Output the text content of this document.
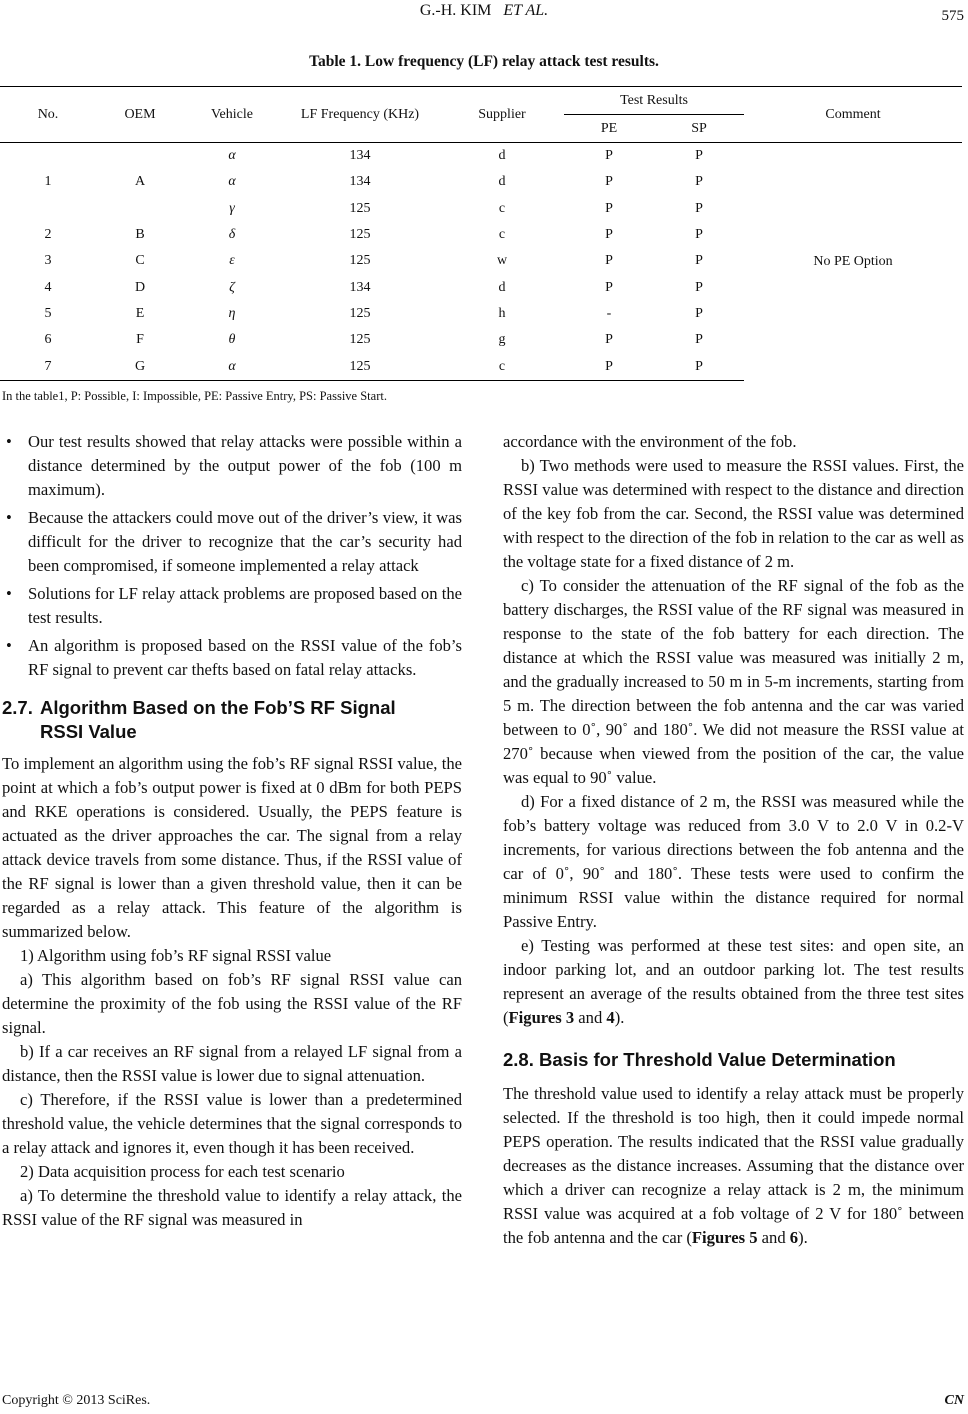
G.-H. KIM ET AL.	575
Table 1. Low frequency (LF) relay attack test results.
No.	OEM	Vehicle	LF Frequency (KHz)	Supplier	Test Results		Comment
					PE	SP	
1	A	α	134	d	P	P	No PE Option
		α	134	d	P	P	
		γ	125	c	P	P	
2	B	δ	125	c	P	P	
3	C	ε	125	w	P	P	
4	D	ζ	134	d	P	P	
5	E	η	125	h	-	P	
6	F	θ	125	g	P	P	
7	G	α	125	c	P	P	
In the table1, P: Possible, I: Impossible, PE: Passive Entry, PS: Passive Start.
• Our test results showed that relay attacks were possible within a distance determined by the output power of the fob (100 m maximum).
• Because the attackers could move out of the driver’s view, it was difficult for the driver to recognize that the car’s security had been compromised, if someone implemented a relay attack
• Solutions for LF relay attack problems are proposed based on the test results.
• An algorithm is proposed based on the RSSI value of the fob’s RF signal to prevent car thefts based on fatal relay attacks.
2.7. Algorithm Based on the Fob’S RF Signal
RSSI Value

To implement an algorithm using the fob’s RF signal RSSI value, the point at which a fob’s output power is fixed at 0 dBm for both PEPS and RKE operations is considered. Usually, the PEPS feature is actuated as the driver approaches the car. The signal from a relay attack device travels from some distance. Thus, if the RSSI value of the RF signal is lower than a given threshold value, then it can be regarded as a relay attack. This feature of the algorithm is summarized below.

1) Algorithm using fob’s RF signal RSSI value

a) This algorithm based on fob’s RF signal RSSI value can determine the proximity of the fob using the RSSI value of the RF signal.

b) If a car receives an RF signal from a relayed LF signal from a distance, then the RSSI value is lower due to signal attenuation.

c) Therefore, if the RSSI value is lower than a predetermined threshold value, the vehicle determines that the signal corresponds to a relay attack and ignores it, even though it has been received.

2) Data acquisition process for each test scenario

a) To determine the threshold value to identify a relay attack, the RSSI value of the RF signal was measured in

accordance with the environment of the fob.

b) Two methods were used to measure the RSSI values. First, the RSSI value was determined with respect to the distance and direction of the key fob from the car. Second, the RSSI value was determined with respect to the direction of the fob in relation to the car as well as the voltage state for a fixed distance of 2 m.

c) To consider the attenuation of the RF signal of the fob as the battery discharges, the RSSI value of the RF signal was measured in response to the state of the fob battery for each direction. The distance at which the RSSI value was measured was initially 2 m, and the gradually increased to 50 m in 5-m increments, starting from 5 m. The direction between the fob antenna and the car was varied between to 0˚, 90˚ and 180˚. We did not measure the RSSI value at 270˚ because when viewed from the position of the car, the value was equal to 90˚ value.

d) For a fixed distance of 2 m, the RSSI was measured while the fob’s battery voltage was reduced from 3.0 V to 2.0 V in 0.2-V increments, for various directions between the fob antenna and the car of 0˚, 90˚ and 180˚. These tests were used to confirm the minimum RSSI value within the distance required for normal Passive Entry.

e) Testing was performed at these test sites: and open site, an indoor parking lot, and an outdoor parking lot. The test results represent an average of the results obtained from the three test sites (Figures 3 and 4).

2.8. Basis for Threshold Value Determination

The threshold value used to identify a relay attack must be properly selected. If the threshold is too high, then it could impede normal PEPS operation. The results indicated that the RSSI value gradually decreases as the distance increases. Assuming that the distance over which a driver can recognize a relay attack is 2 m, the minimum RSSI value was acquired at a fob voltage of 2 V for 180˚ between the fob antenna and the car (Figures 5 and 6).

Copyright © 2013 SciRes.	CN
